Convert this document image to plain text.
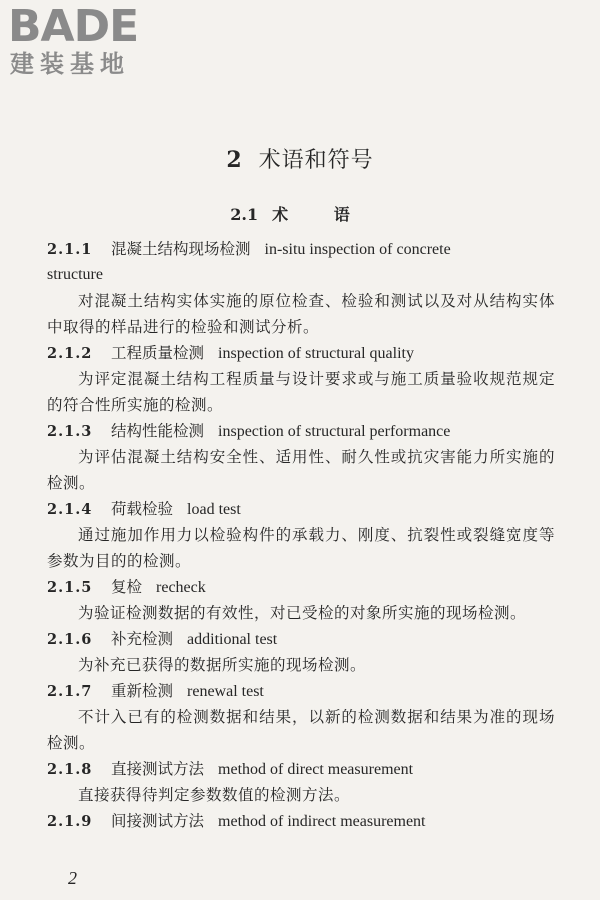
BADE
建装基地
2 术语和符号
2.1 术 语
2.1.1 混凝土结构现场检测 in-situ inspection of concrete
structure
对混凝土结构实体实施的原位检查、检验和测试以及对从结构实体中取得的样品进行的检验和测试分析。
2.1.2 工程质量检测 inspection of structural quality
为评定混凝土结构工程质量与设计要求或与施工质量验收规范规定的符合性所实施的检测。
2.1.3 结构性能检测 inspection of structural performance
为评估混凝土结构安全性、适用性、耐久性或抗灾害能力所实施的检测。
2.1.4 荷载检验 load test
通过施加作用力以检验构件的承载力、刚度、抗裂性或裂缝宽度等参数为目的的检测。
2.1.5 复检 recheck
为验证检测数据的有效性，对已受检的对象所实施的现场检测。
2.1.6 补充检测 additional test
为补充已获得的数据所实施的现场检测。
2.1.7 重新检测 renewal test
不计入已有的检测数据和结果，以新的检测数据和结果为准的现场检测。
2.1.8 直接测试方法 method of direct measurement
直接获得待判定参数数值的检测方法。
2.1.9 间接测试方法 method of indirect measurement
2
